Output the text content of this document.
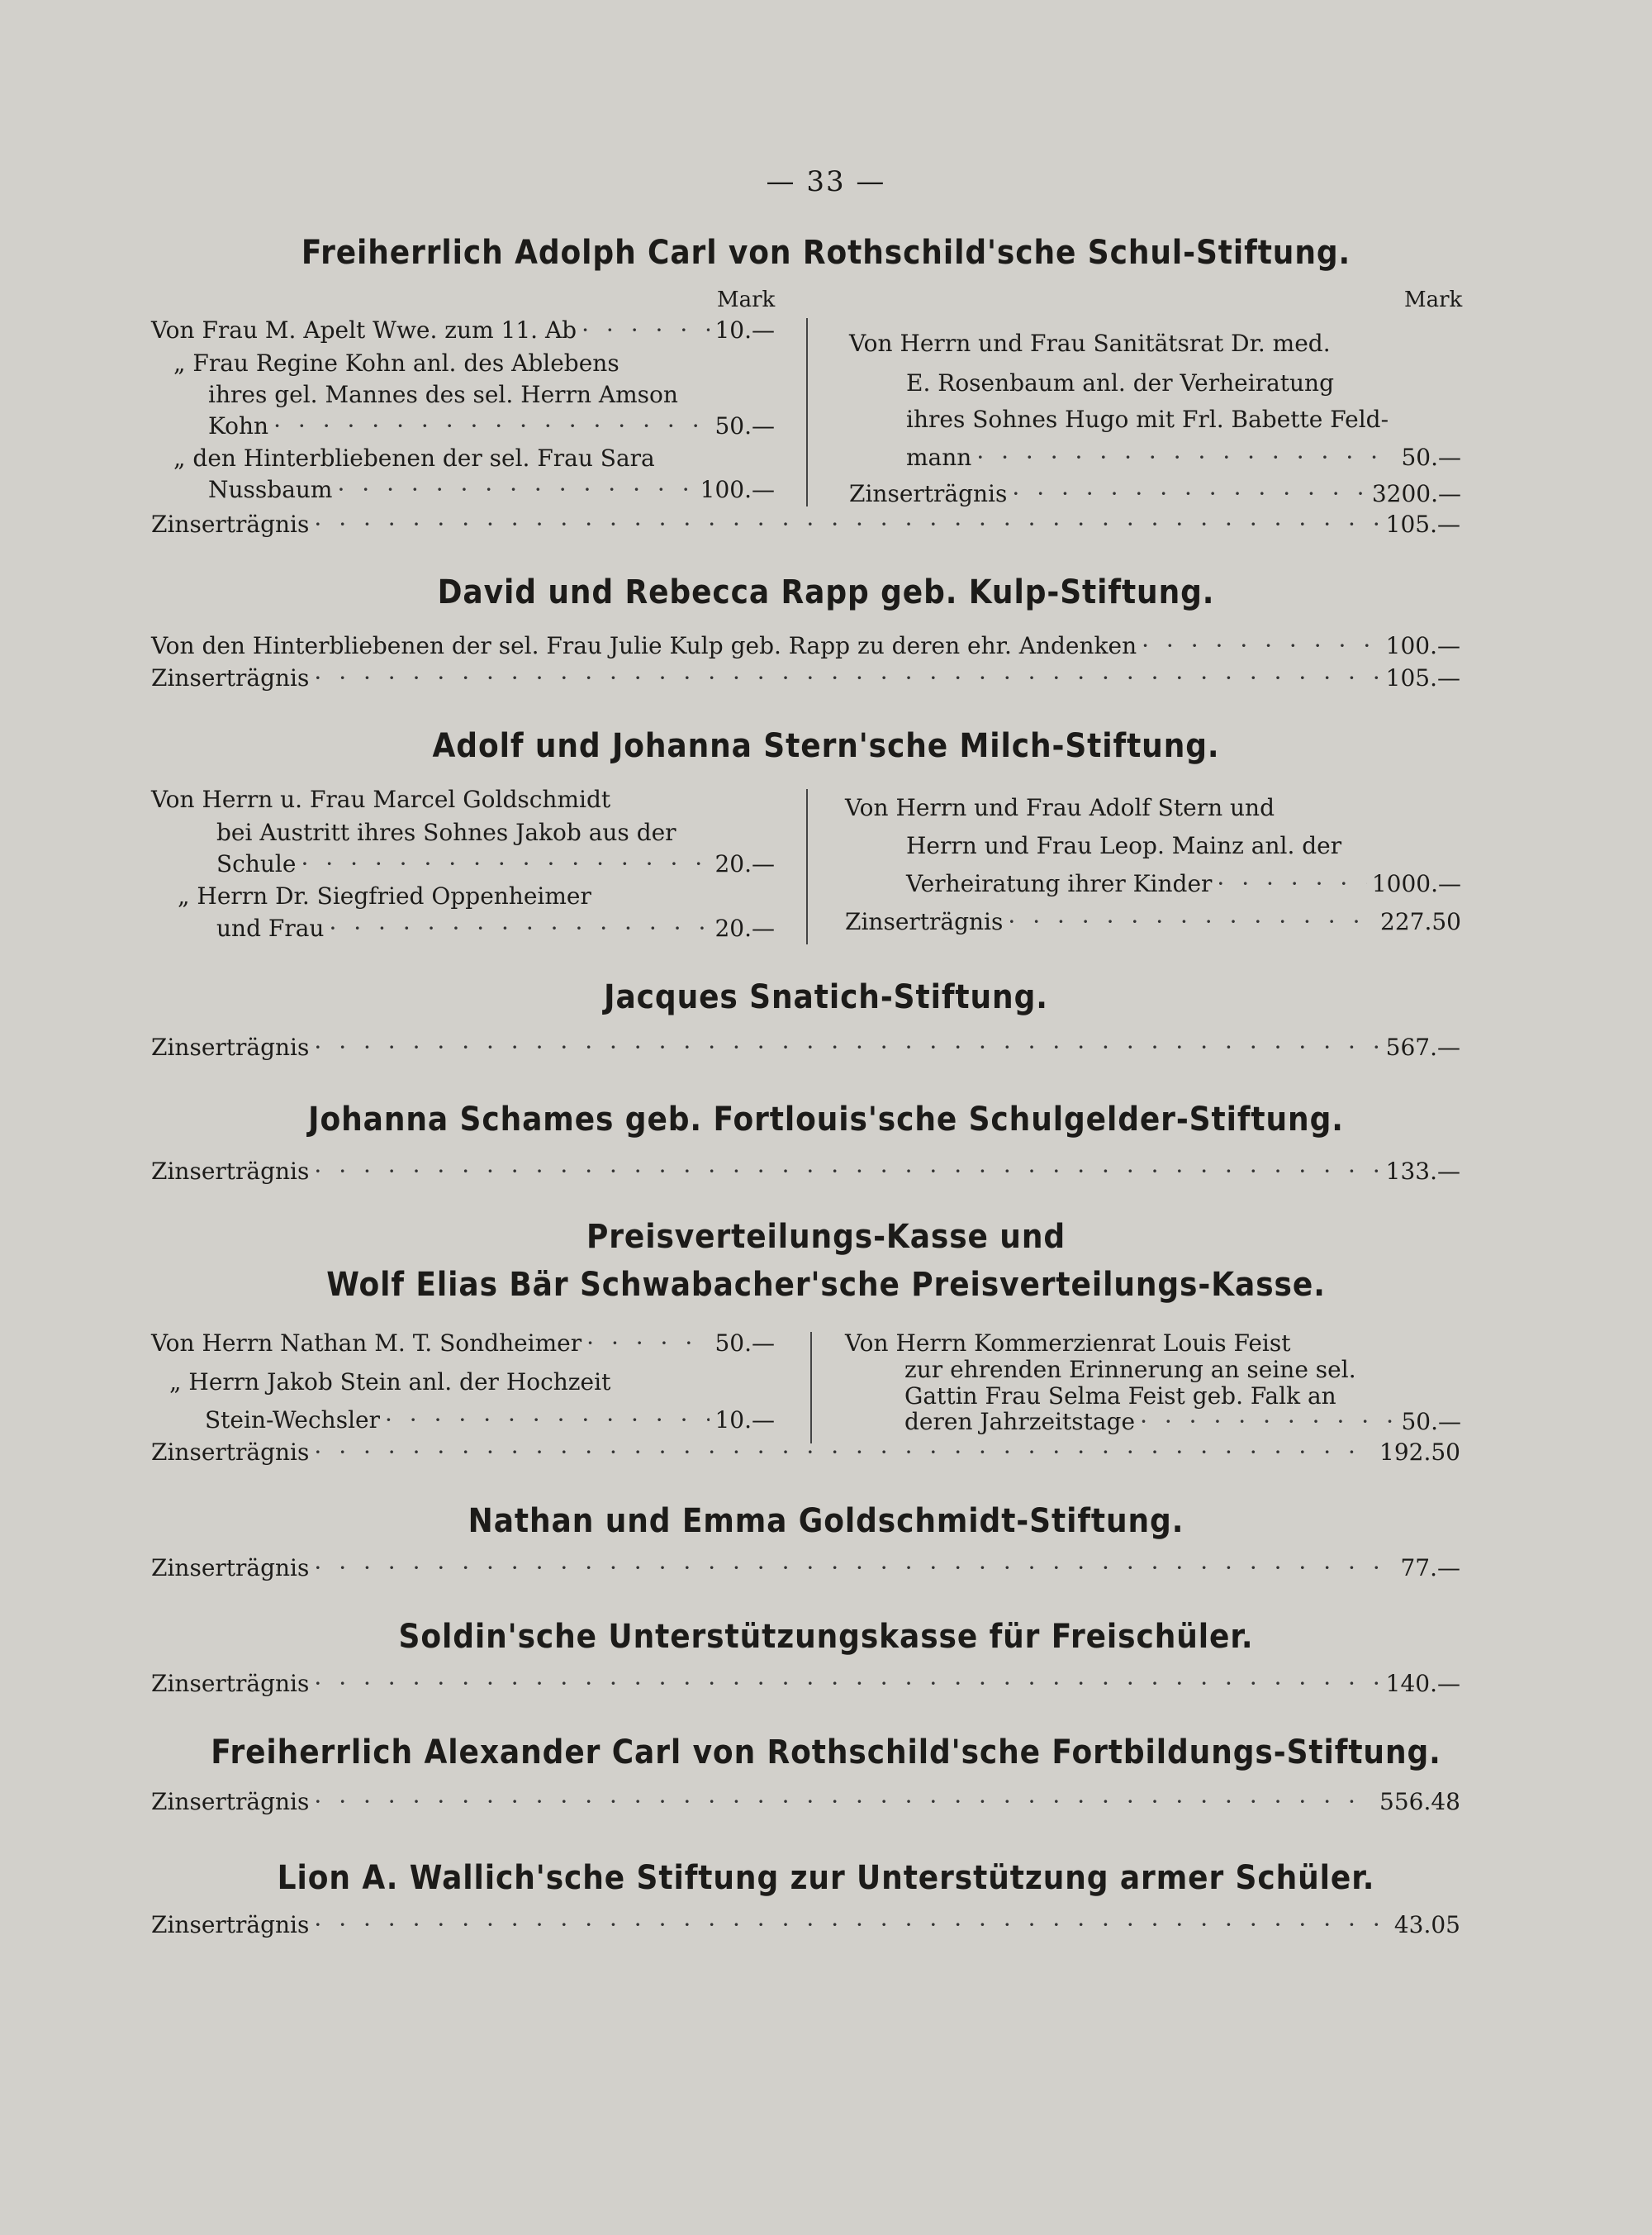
— 33 —
Freiherrlich Adolph Carl von Rothschild'sche Schul-Stiftung.
Mark	Mark
Von Frau M. Apelt Wwe. zum 11. Ab · · ·	10.—
„ Frau Regine Kohn anl. des Ablebens
ihres gel. Mannes des sel. Herrn Amson
Kohn · · ·	50.—
„ den Hinterbliebenen der sel. Frau Sara
Nussbaum · · ·	100.—
Von Herrn und Frau Sanitätsrat Dr. med.
E. Rosenbaum anl. der Verheiratung
ihres Sohnes Hugo mit Frl. Babette Feld-
mann · · ·	50.—
Zinserträgnis · · ·	3200.—
Zinserträgnis · · ·	105.—
David und Rebecca Rapp geb. Kulp-Stiftung.
Von den Hinterbliebenen der sel. Frau Julie Kulp geb. Rapp zu deren ehr. Andenken · · ·	100.—
Zinserträgnis · · ·	105.—
Adolf und Johanna Stern'sche Milch-Stiftung.
Von Herrn u. Frau Marcel Goldschmidt
bei Austritt ihres Sohnes Jakob aus der
Schule · · ·	20.—
„ Herrn Dr. Siegfried Oppenheimer
und Frau · · ·	20.—
Von Herrn und Frau Adolf Stern und
Herrn und Frau Leop. Mainz anl. der
Verheiratung ihrer Kinder · · ·	1000.—
Zinserträgnis · · ·	227.50
Jacques Snatich-Stiftung.
Zinserträgnis · · ·	567.—
Johanna Schames geb. Fortlouis'sche Schulgelder-Stiftung.
Zinserträgnis · · ·	133.—
Preisverteilungs-Kasse und
Wolf Elias Bär Schwabacher'sche Preisverteilungs-Kasse.
Von Herrn Nathan M. T. Sondheimer · · ·	50.—
„ Herrn Jakob Stein anl. der Hochzeit
Stein-Wechsler · · ·	10.—
Von Herrn Kommerzienrat Louis Feist
zur ehrenden Erinnerung an seine sel.
Gattin Frau Selma Feist geb. Falk an
deren Jahrzeitstage · · ·	50.—
Zinserträgnis · · ·	192.50
Nathan und Emma Goldschmidt-Stiftung.
Zinserträgnis · · ·	77.—
Soldin'sche Unterstützungskasse für Freischüler.
Zinserträgnis · · ·	140.—
Freiherrlich Alexander Carl von Rothschild'sche Fortbildungs-Stiftung.
Zinserträgnis · · ·	556.48
Lion A. Wallich'sche Stiftung zur Unterstützung armer Schüler.
Zinserträgnis · · ·	43.05
